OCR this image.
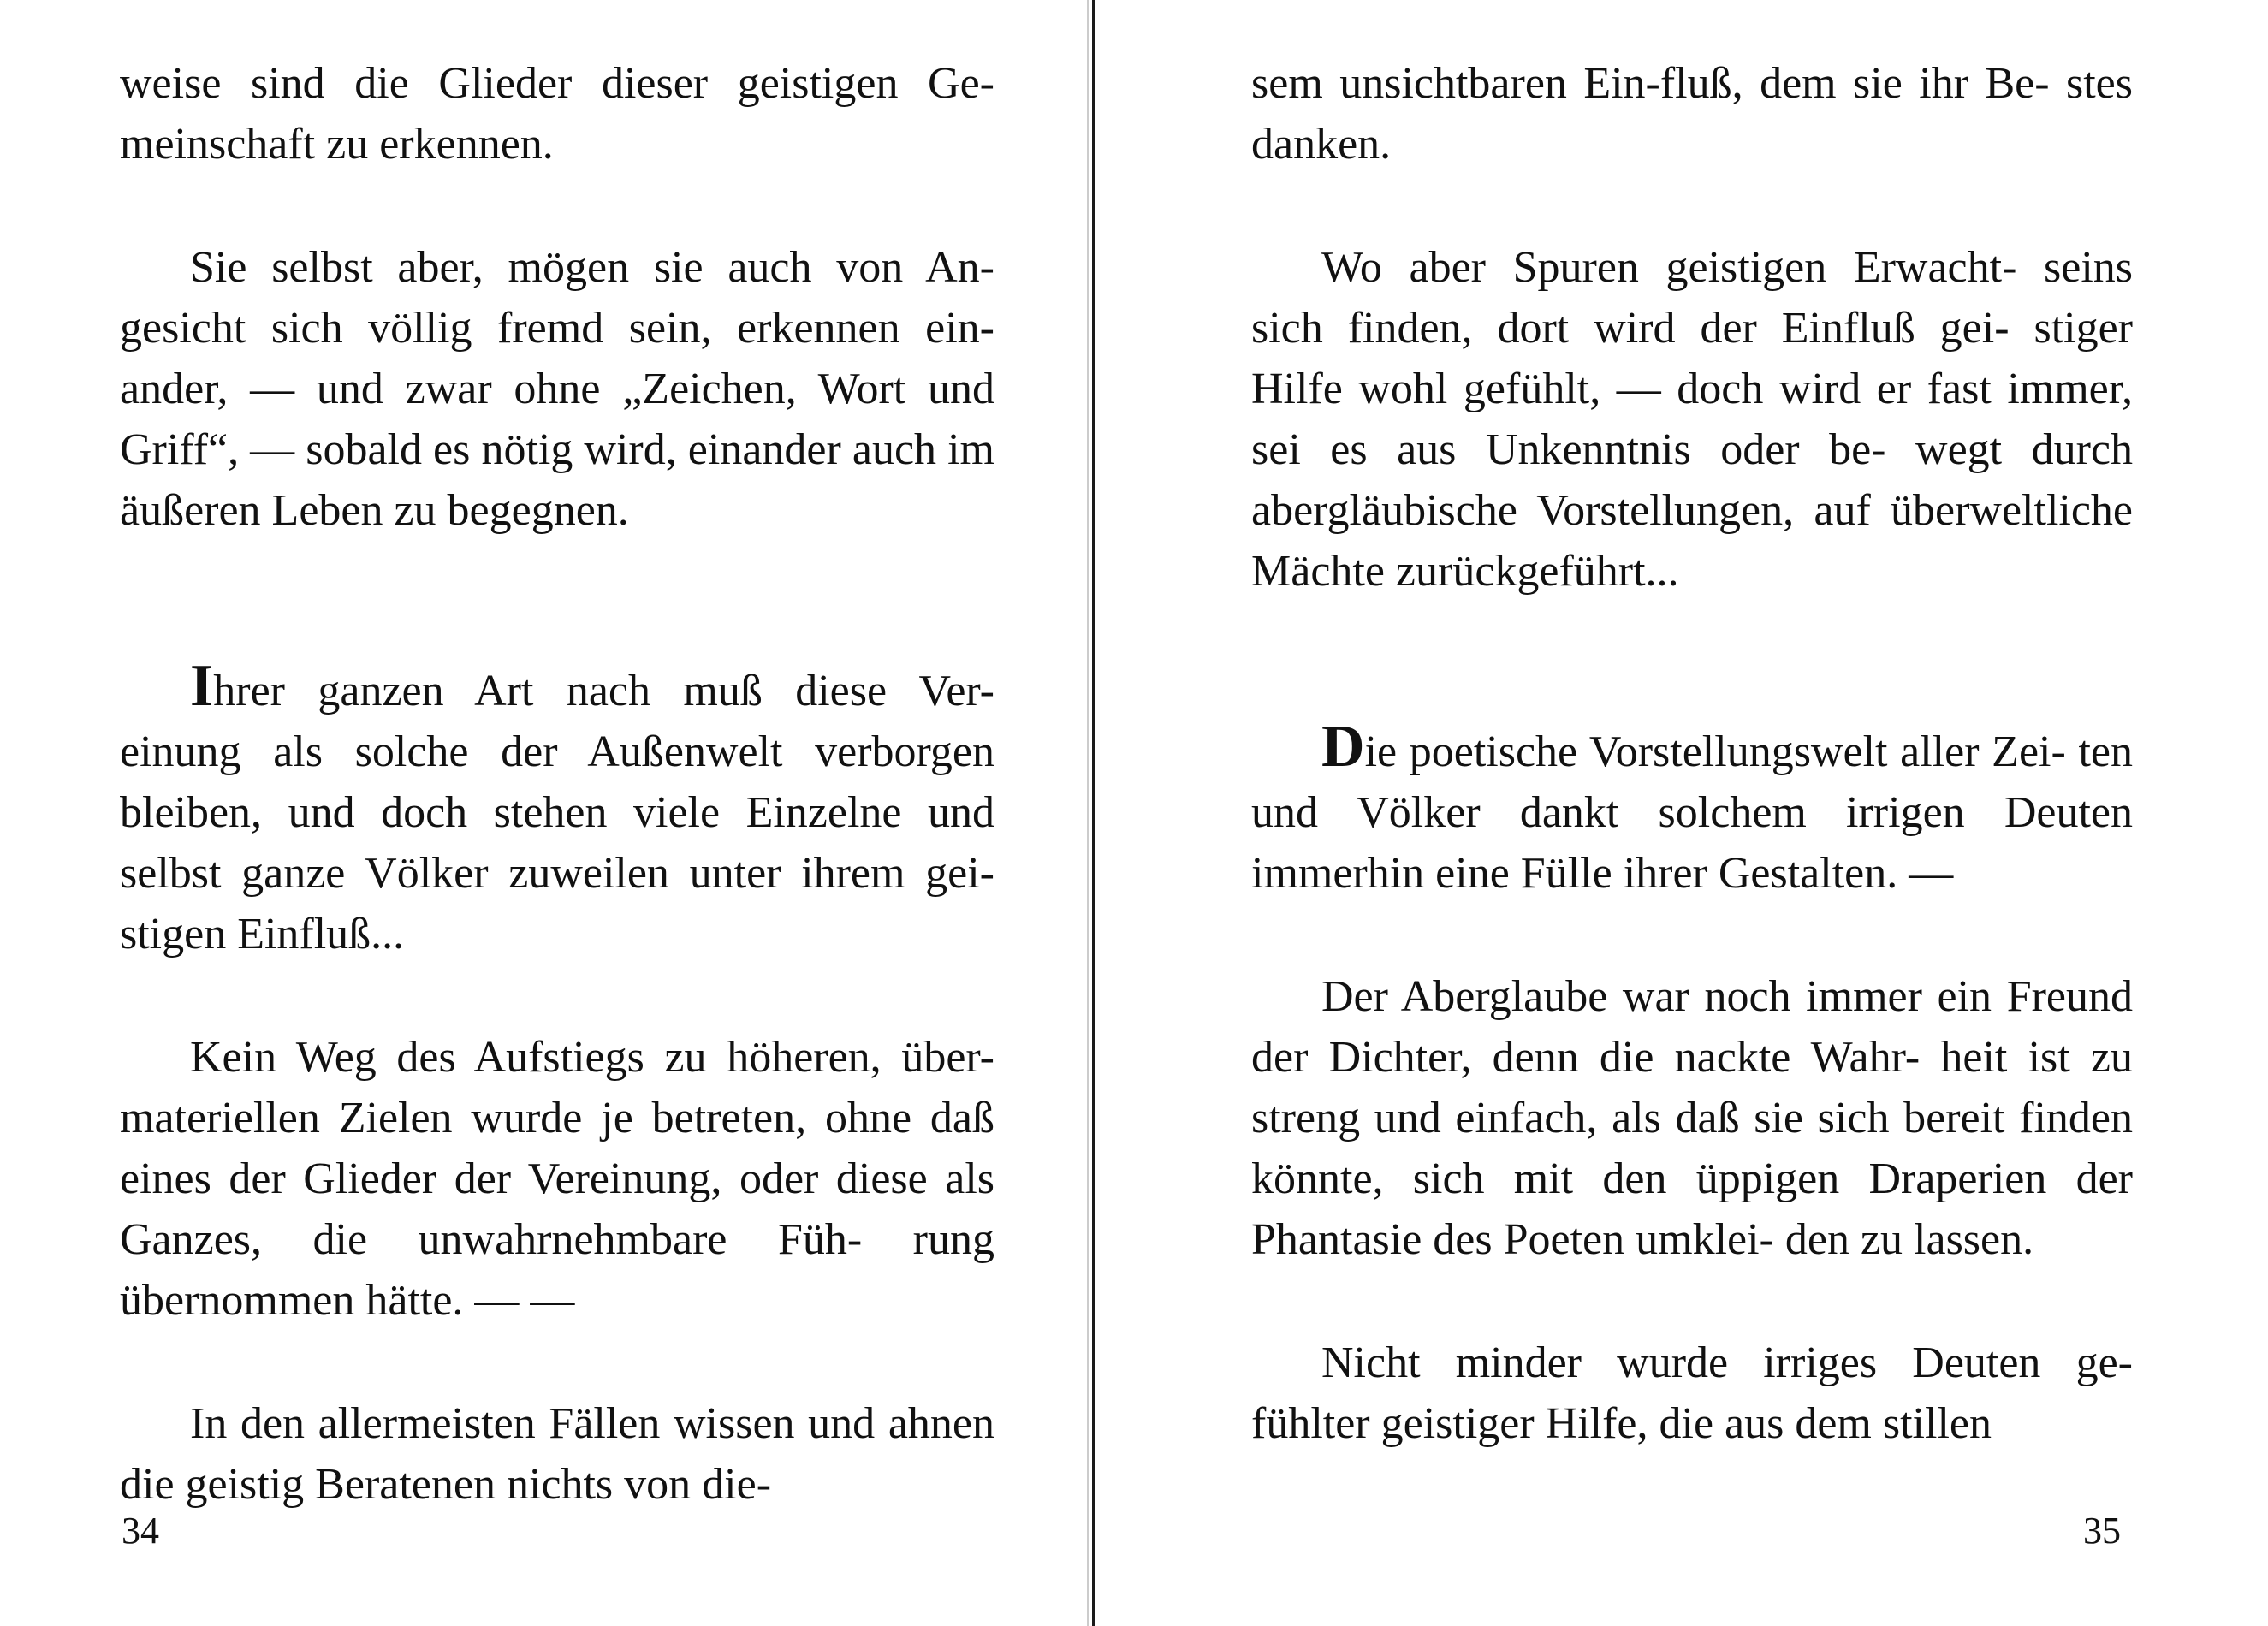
weise sind die Glieder dieser geistigen Ge- meinschaft zu erkennen.

Sie selbst aber, mögen sie auch von An- gesicht sich völlig fremd sein, erkennen ein- ander, — und zwar ohne „Zeichen, Wort und Griff“, — sobald es nötig wird, einander auch im äußeren Leben zu begegnen.

Ihrer ganzen Art nach muß diese Ver- einung als solche der Außenwelt verborgen bleiben, und doch stehen viele Einzelne und selbst ganze Völker zuweilen unter ihrem gei- stigen Einfluß...

Kein Weg des Aufstiegs zu höheren, über- materiellen Zielen wurde je betreten, ohne daß eines der Glieder der Vereinung, oder diese als Ganzes, die unwahrnehmbare Füh- rung übernommen hätte. — —

In den allermeisten Fällen wissen und ahnen die geistig Beratenen nichts von die-

34

sem unsichtbaren Ein-fluß, dem sie ihr Be- stes danken.

Wo aber Spuren geistigen Erwacht- seins sich finden, dort wird der Einfluß gei- stiger Hilfe wohl gefühlt, — doch wird er fast immer, sei es aus Unkenntnis oder be- wegt durch abergläubische Vorstellungen, auf überweltliche Mächte zurückgeführt...

Die poetische Vorstellungswelt aller Zei- ten und Völker dankt solchem irrigen Deuten immerhin eine Fülle ihrer Gestalten. —

Der Aberglaube war noch immer ein Freund der Dichter, denn die nackte Wahr- heit ist zu streng und einfach, als daß sie sich bereit finden könnte, sich mit den üppigen Draperien der Phantasie des Poeten umklei- den zu lassen.

Nicht minder wurde irriges Deuten ge- fühlter geistiger Hilfe, die aus dem stillen

35
